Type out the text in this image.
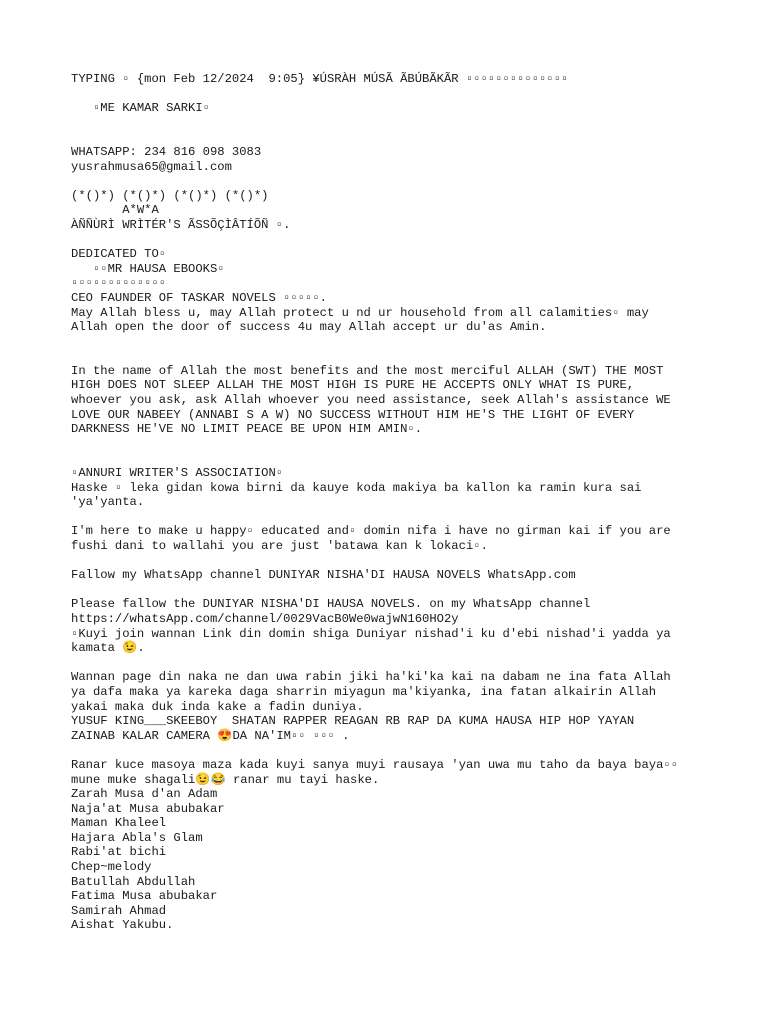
TYPING ▫ {mon Feb 12/2024  9:05} ¥ÚSRÀH MÚSÃ ÃBÚBÃKÃR ▫▫▫▫▫▫▫▫▫▫▫▫▫▫
▫ME KAMAR SARKI▫
WHATSAPP: 234 816 098 3083
yusrahmusa65@gmail.com
(*()*) (*()*) (*()*) (*()*)
A*W*A
ÀÑÑÙRÌ WRÌTÉR'S ÃSSÕÇÌÂTÍÕÑ ▫.
DEDICATED TO▫
▫▫MR HAUSA EBOOKS▫
▫▫▫▫▫▫▫▫▫▫▫▫▫
CEO FAUNDER OF TASKAR NOVELS ▫▫▫▫▫.
May Allah bless u, may Allah protect u nd ur household from all calamities▫ may
Allah open the door of success 4u may Allah accept ur du'as Amin.
In the name of Allah the most benefits and the most merciful ALLAH (SWT) THE MOST
HIGH DOES NOT SLEEP ALLAH THE MOST HIGH IS PURE HE ACCEPTS ONLY WHAT IS PURE,
whoever you ask, ask Allah whoever you need assistance, seek Allah's assistance WE
LOVE OUR NABEEY (ANNABI S A W) NO SUCCESS WITHOUT HIM HE'S THE LIGHT OF EVERY
DARKNESS HE'VE NO LIMIT PEACE BE UPON HIM AMIN▫.
▫ANNURI WRITER'S ASSOCIATION▫
Haske ▫ leka gidan kowa birni da kauye koda makiya ba kallon ka ramin kura sai
'ya'yanta.
I'm here to make u happy▫ educated and▫ domin nifa i have no girman kai if you are
fushi dani to wallahi you are just 'batawa kan k lokaci▫.
Fallow my WhatsApp channel DUNIYAR NISHA'DI HAUSA NOVELS WhatsApp.com
Please fallow the DUNIYAR NISHA'DI HAUSA NOVELS. on my WhatsApp channel
https://whatsApp.com/channel/0029VacB0We0wajwN160HO2y
▫Kuyi join wannan Link din domin shiga Duniyar nishad'i ku d'ebi nishad'i yadda ya
kamata 😉.
Wannan page din naka ne dan uwa rabin jiki ha'ki'ka kai na dabam ne ina fata Allah
ya dafa maka ya kareka daga sharrin miyagun ma'kiyanka, ina fatan alkairin Allah
yakai maka duk inda kake a fadin duniya.
YUSUF KING___SKEEBOY  SHATAN RAPPER REAGAN RB RAP DA KUMA HAUSA HIP HOP YAYAN
ZAINAB KALAR CAMERA 😍DA NA'IM▫▫ ▫▫▫ .
Ranar kuce masoya maza kada kuyi sanya muyi rausaya 'yan uwa mu taho da baya baya▫▫
mune muke shagali😉😂 ranar mu tayi haske.
Zarah Musa d'an Adam
Naja'at Musa abubakar
Maman Khaleel
Hajara Abla's Glam
Rabi'at bichi
Chep~melody
Batullah Abdullah
Fatima Musa abubakar
Samirah Ahmad
Aishat Yakubu.
